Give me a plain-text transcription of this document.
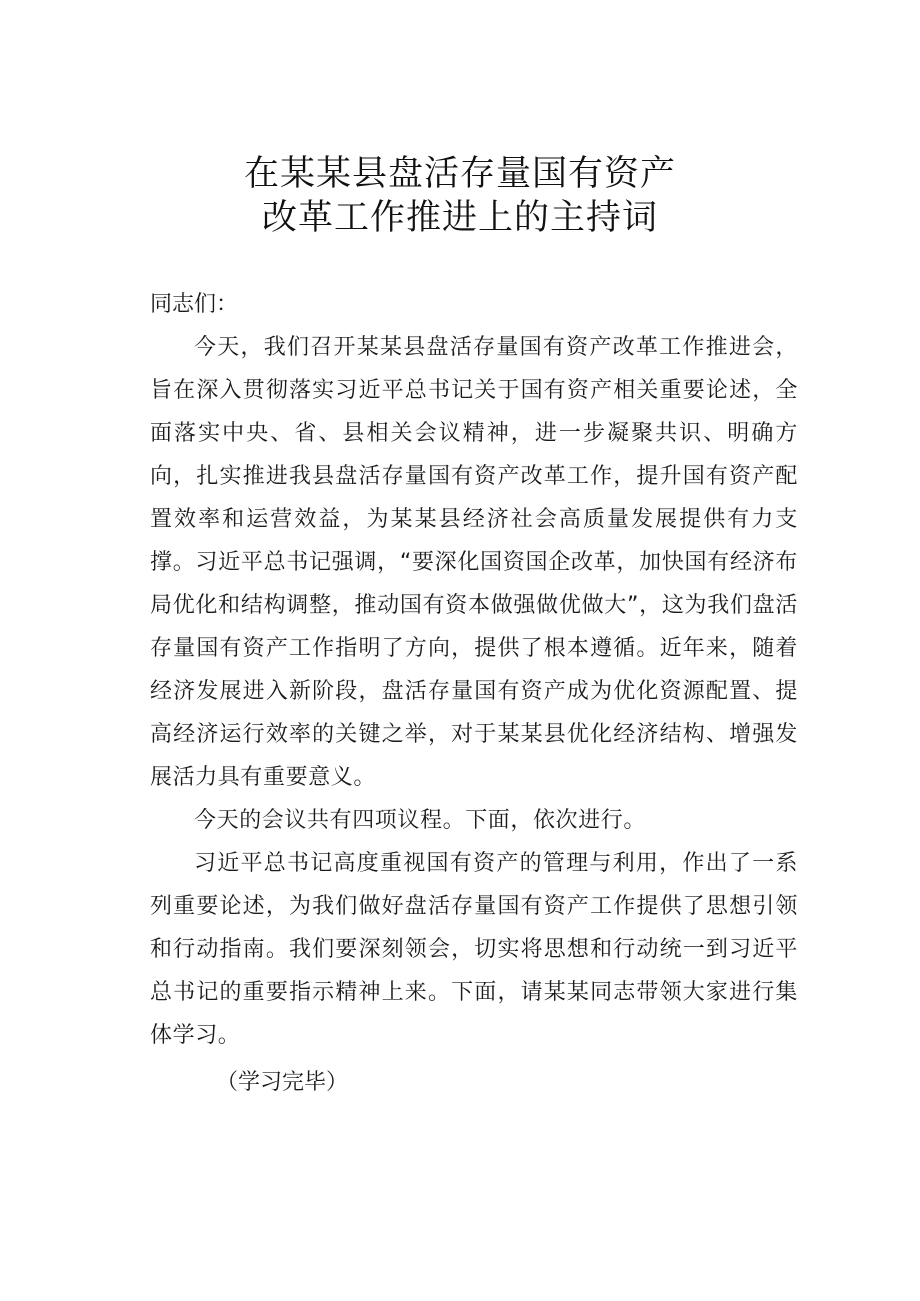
在某某县盘活存量国有资产
改革工作推进上的主持词

同志们：

今天，我们召开某某县盘活存量国有资产改革工作推进会，旨在深入贯彻落实习近平总书记关于国有资产相关重要论述，全面落实中央、省、县相关会议精神，进一步凝聚共识、明确方向，扎实推进我县盘活存量国有资产改革工作，提升国有资产配置效率和运营效益，为某某县经济社会高质量发展提供有力支撑。习近平总书记强调，“要深化国资国企改革，加快国有经济布局优化和结构调整，推动国有资本做强做优做大”，这为我们盘活存量国有资产工作指明了方向，提供了根本遵循。近年来，随着经济发展进入新阶段，盘活存量国有资产成为优化资源配置、提高经济运行效率的关键之举，对于某某县优化经济结构、增强发展活力具有重要意义。

今天的会议共有四项议程。下面，依次进行。

习近平总书记高度重视国有资产的管理与利用，作出了一系列重要论述，为我们做好盘活存量国有资产工作提供了思想引领和行动指南。我们要深刻领会，切实将思想和行动统一到习近平总书记的重要指示精神上来。下面，请某某同志带领大家进行集体学习。

（学习完毕）
